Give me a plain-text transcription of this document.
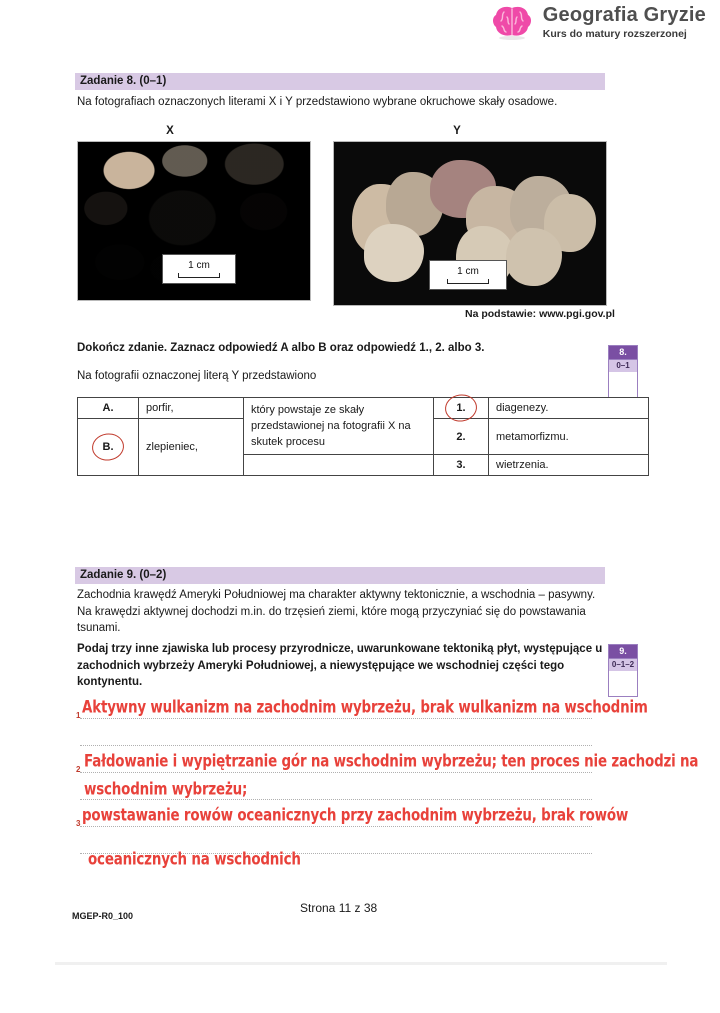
Geografia Gryzie
Kurs do matury rozszerzonej
Zadanie 8. (0–1)
Na fotografiach oznaczonych literami X i Y przedstawiono wybrane okruchowe skały osadowe.
X	Y
1 cm
1 cm
Na podstawie: www.pgi.gov.pl
Dokończ zdanie. Zaznacz odpowiedź A albo B oraz odpowiedź 1., 2. albo 3.
Na fotografii oznaczonej literą Y przedstawiono
8.
0–1
A.	porfir,	który powstaje ze skały przedstawionej na fotografii X na skutek procesu	1.	diagenezy.
B.	zlepieniec,		2.	metamorfizmu.
			3.	wietrzenia.
Zadanie 9. (0–2)
Zachodnia krawędź Ameryki Południowej ma charakter aktywny tektonicznie, a wschodnia – pasywny. Na krawędzi aktywnej dochodzi m.in. do trzęsień ziemi, które mogą przyczyniać się do powstawania tsunami.
Podaj trzy inne zjawiska lub procesy przyrodnicze, uwarunkowane tektoniką płyt, występujące u zachodnich wybrzeży Ameryki Południowej, a niewystępujące we wschodniej części tego kontynentu.
9.
0–1–2
1
2
3
Aktywny wulkanizm na zachodnim wybrzeżu, brak wulkanizm na wschodnim
Fałdowanie i wypiętrzanie gór na wschodnim wybrzeżu; ten proces nie zachodzi na
wschodnim wybrzeżu;
powstawanie rowów oceanicznych przy zachodnim wybrzeżu, brak rowów
oceanicznych na wschodnich
MGEP-R0_100
Strona 11 z 38
